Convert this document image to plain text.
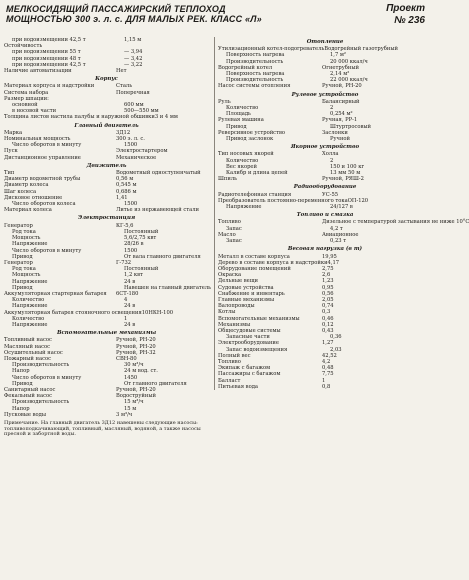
МЕЛКОСИДЯЩИЙ ПАССАЖИРСКИЙ ТЕПЛОХОД
МОЩНОСТЬЮ 300 э. л. с. ДЛЯ МАЛЫХ РЕК. КЛАСС «Л»
Проект
№ 236
при водоизмещении 42,5 т	1,15 м
Остойчивость
при водоизмещении 55 т	— 3,94
при водоизмещении 48 т	— 3,42
при водоизмещении 42,5 т	— 3,22
Наличие автоматизации	Нет
Корпус
Материал корпуса и надстройки	Сталь
Система набора	Поперечная
Размер шпации:
основной	600 мм
в носовой части	500—550 мм
Толщина листов настила палубы и наружной обшивки 3 и 4 мм
Главный двигатель
Марка	3Д12
Номинальная мощность	300 э. л. с.
Число оборотов в минуту	1500
Пуск	Электростартером
Дистанционное управление	Механическое
Движитель
Тип	Водометный одноступенчатый
Диаметр водометной трубы	0,56 м
Диаметр колеса	0,545 м
Шаг колеса	0,686 м
Дисковое отношение	1,41
Число оборотов колеса	1500
Материал колеса	Литье из нержавеющей стали
Электростанция
Генератор	КГ-5,6
Род тока	Постоянный
Мощность	5,6/2,75 квт
Напряжение	28/26 в
Число оборотов в минуту	1500
Привод	От вала главного двигателя
Генератор	Г-732
Род тока	Постоянный
Мощность	1,2 квт
Напряжение	24 в
Привод	Навешен на главный двигатель
Аккумуляторная стартерная батарея	6СТ-180
Количество	4
Напряжение	24 в
Аккумуляторная батарея стояночного освещения 10НКН-100
Количество	1
Напряжение	24 в
Вспомогательные механизмы
Топливный насос	Ручной, РН-20
Масляный насос	Ручной, РН-20
Осушительный насос	Ручной, РН-32
Пожарный насос	СВН-80
Производительность	30 м³/ч
Напор	24 м вод. ст.
Число оборотов в минуту	1450
Привод	От главного двигателя
Санитарный насос	Ручной, РН-20
Фекальный насос	Водоструйный
Производительность	15 м³/ч
Напор	15 м
Пусковые воды	3 м³/ч
Примечание. На главный двигатель 3Д12 навешены следующие насосы: топливоподкачивающий, топливный, масляный, водяной, а также насосы пресной и забортной воды.
Отопление
Утилизационный котел-подогреватель Водогрейный газотрубный
Поверхность нагрева	1,7 м²
Производительность	20 000 ккал/ч
Водогрейный котел	Огнетрубный
Поверхность нагрева	2,14 м²
Производительность	22 000 ккал/ч
Насос системы отопления	Ручной, РН-20
Рулевое устройство
Руль	Балансирный
Количество	2
Площадь	0,254 м²
Рулевая машина	Ручная, РР-1
Привод	Штуртросовый
Реверсивное устройство	Заслонки
Привод заслонок	Ручной
Якорное устройство
Тип носовых якорей	Холла
Количество	2
Вес якорей	150 и 100 кг
Калибр и длина цепей	13 мм 50 м
Шпиль	Ручной, РЯШ-2
Радиооборудование
Радиотелефонная станция	УС-55
Преобразователь постоянно-переменного тока ОП-120
Напряжение	24/127 в
Топливо и смазка
Топливо	Дизельное с температурой застывания не ниже 10°С
Запас	4,2 т
Масло	Авиационное
Запас	0,23 т
Весовая нагрузка (в т)
Металл в составе корпуса	19,95
Дерево в составе корпуса и надстройки 4,17
Оборудование помещений	2,75
Окраска	2,6
Дельные вещи	1,23
Судовые устройства	0,95
Снабжение и инвентарь	0,56
Главные механизмы	2,05
Валопроводы	0,74
Котлы	0,3
Вспомогательные механизмы	0,46
Механизмы	0,12
Общесудовые системы	0,43
Запасные части	0,36
Электрооборудование	1,27
Запас водоизмещения	2,03
Полный вес	42,52
Топливо	4,2
Экипаж с багажом	0,48
Пассажиры с багажом	7,75
Балласт	1
Питьевая вода	0,8
